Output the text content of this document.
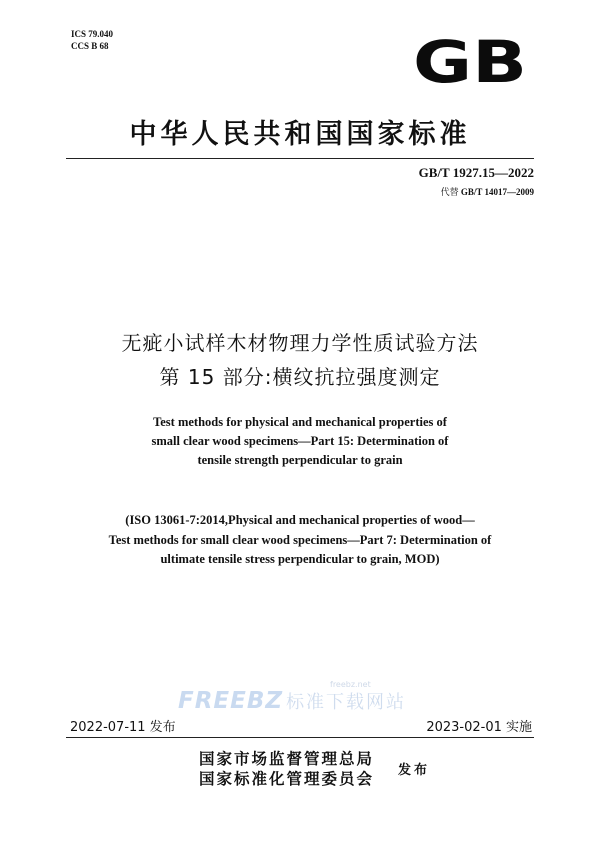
ICS 79.040
CCS B 68	GB
中华人民共和国国家标准
GB/T 1927.15—2022
代替 GB/T 14017—2009
无疵小试样木材物理力学性质试验方法
第 15 部分:横纹抗拉强度测定
Test methods for physical and mechanical properties of
small clear wood specimens—Part 15: Determination of
tensile strength perpendicular to grain
(ISO 13061-7:2014,Physical and mechanical properties of wood—
Test methods for small clear wood specimens—Part 7: Determination of
ultimate tensile stress perpendicular to grain, MOD)
FREEBZ 标准下载网站
freebz.net
2022-07-11 发布	2023-02-01 实施
国家市场监督管理总局
国家标准化管理委员会 发布
